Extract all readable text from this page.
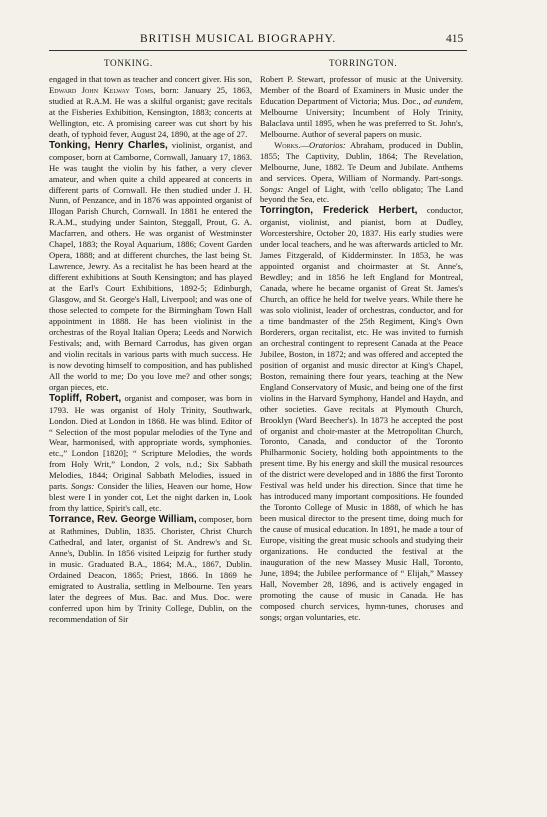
BRITISH MUSICAL BIOGRAPHY.	415
TONKING.	TORRINGTON.

engaged in that town as teacher and concert giver. His son, Edward John Kelway Toms, born: January 25, 1863, studied at R.A.M. He was a skilful organist; gave recitals at the Fisheries Exhibition, Kensington, 1883; concerts at Wellington, etc. A promising career was cut short by his death, of typhoid fever, August 24, 1890, at the age of 27.

Tonking, Henry Charles, violinist, organist, and composer, born at Camborne, Cornwall, January 17, 1863. He was taught the violin by his father, a very clever amateur, and when quite a child appeared at concerts in different parts of Cornwall. He then studied under J. H. Nunn, of Penzance, and in 1876 was appointed organist of Illogan Parish Church, Cornwall. In 1881 he entered the R.A.M., studying under Sainton, Steggall, Prout, G. A. Macfarren, and others. He was organist of Westminster Chapel, 1883; the Royal Aquarium, 1886; Covent Garden Opera, 1888; and at different churches, the last being St. Lawrence, Jewry. As a recitalist he has been heard at the different exhibitions at South Kensington; and has played at the Earl's Court Exhibitions, 1892-5; Edinburgh, Glasgow, and St. George's Hall, Liverpool; and was one of those selected to compete for the Birmingham Town Hall appointment in 1888. He has been violinist in the orchestras of the Royal Italian Opera; Leeds and Norwich Festivals; and, with Bernard Carrodus, has given organ and violin recitals in various parts with much success. He is now devoting himself to composition, and has published All the world to me; Do you love me? and other songs; organ pieces, etc.

Topliff, Robert, organist and composer, was born in 1793. He was organist of Holy Trinity, Southwark, London. Died at London in 1868. He was blind. Editor of “ Selection of the most popular melodies of the Tyne and Wear, harmonised, with appropriate words, symphonies. etc.,” London [1820]; “ Scripture Melodies, the words from Holy Writ,” London, 2 vols, n.d.; Six Sabbath Melodies, 1844; Original Sabbath Melodies, issued in parts. Songs: Consider the lilies, Heaven our home, How blest were I in yonder cot, Let the night darken in, Look from thy lattice, Spirit's call, etc.

Torrance, Rev. George William, composer, born at Rathmines, Dublin, 1835. Chorister, Christ Church Cathedral, and later, organist of St. Andrew's and St. Anne's, Dublin. In 1856 visited Leipzig for further study in music. Graduated B.A., 1864; M.A., 1867, Dublin. Ordained Deacon, 1865; Priest, 1866. In 1869 he emigrated to Australia, settling in Melbourne. Ten years later the degrees of Mus. Bac. and Mus. Doc. were conferred upon him by Trinity College, Dublin, on the recommendation of Sir

Robert P. Stewart, professor of music at the University. Member of the Board of Examiners in Music under the Education Department of Victoria; Mus. Doc., ad eundem, Melbourne University; Incumbent of Holy Trinity, Balaclava until 1895, when he was preferred to St. John's, Melbourne. Author of several papers on music.

Works.—Oratorios: Abraham, produced in Dublin, 1855; The Captivity, Dublin, 1864; The Revelation, Melbourne, June, 1882. Te Deum and Jubilate. Anthems and services. Opera, William of Normandy. Part-songs. Songs: Angel of Light, with 'cello obligato; The Land beyond the Sea, etc.

Torrington, Frederick Herbert, conductor, organist, violinist, and pianist, born at Dudley, Worcestershire, October 20, 1837. His early studies were under local teachers, and he was afterwards articled to Mr. James Fitzgerald, of Kidderminster. In 1853, he was appointed organist and choirmaster at St. Anne's, Bewdley; and in 1856 he left England for Montreal, Canada, where he became organist of Great St. James's Church, an office he held for twelve years. While there he was solo violinist, leader of orchestras, conductor, and for a time bandmaster of the 25th Regiment, King's Own Borderers, organ recitalist, etc. He was invited to furnish an orchestral contingent to represent Canada at the Peace Jubilee, Boston, in 1872; and was offered and accepted the position of organist and music director at King's Chapel, Boston, remaining there four years, teaching at the New England Conservatory of Music, and being one of the first violins in the Harvard Symphony, Handel and Haydn, and other societies. Gave recitals at Plymouth Church, Brooklyn (Ward Beecher's). In 1873 he accepted the post of organist and choir-master at the Metropolitan Church, Toronto, Canada, and conductor of the Toronto Philharmonic Society, holding both appointments to the present time. By his energy and skill the musical resources of the district were developed and in 1886 the first Toronto Festival was held under his direction. Since that time he has introduced many important compositions. He founded the Toronto College of Music in 1888, of which he has been musical director to the present time, doing much for the cause of musical education. In 1891, he made a tour of Europe, visiting the great music schools and studying their organizations. He conducted the festival at the inauguration of the new Massey Music Hall, Toronto, June, 1894; the Jubilee performance of “ Elijah,” Massey Hall, November 28, 1896, and is actively engaged in promoting the cause of music in Canada. He has composed church services, hymn-tunes, choruses and songs; organ voluntaries, etc.
